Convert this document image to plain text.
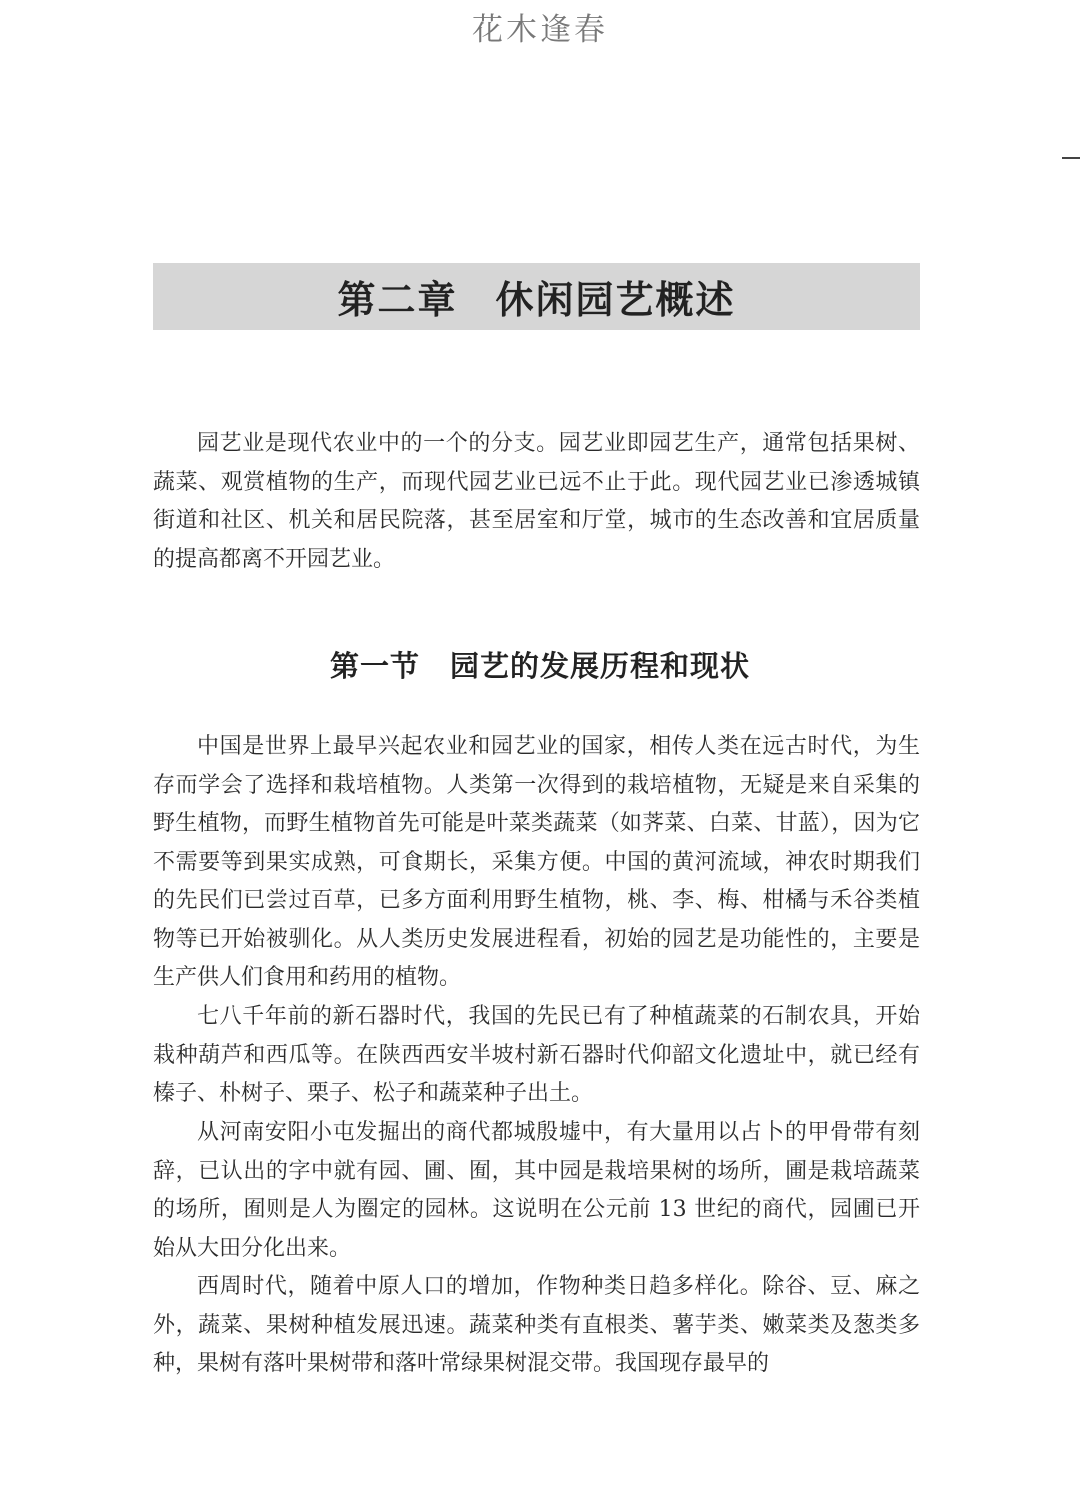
花木逢春
第二章 休闲园艺概述

园艺业是现代农业中的一个的分支。园艺业即园艺生产，通常包括果树、蔬菜、观赏植物的生产，而现代园艺业已远不止于此。现代园艺业已渗透城镇街道和社区、机关和居民院落，甚至居室和厅堂，城市的生态改善和宜居质量的提高都离不开园艺业。

第一节 园艺的发展历程和现状

中国是世界上最早兴起农业和园艺业的国家，相传人类在远古时代，为生存而学会了选择和栽培植物。人类第一次得到的栽培植物，无疑是来自采集的野生植物，而野生植物首先可能是叶菜类蔬菜（如荠菜、白菜、甘蓝），因为它不需要等到果实成熟，可食期长，采集方便。中国的黄河流域，神农时期我们的先民们已尝过百草，已多方面利用野生植物，桃、李、梅、柑橘与禾谷类植物等已开始被驯化。从人类历史发展进程看，初始的园艺是功能性的，主要是生产供人们食用和药用的植物。

七八千年前的新石器时代，我国的先民已有了种植蔬菜的石制农具，开始栽种葫芦和西瓜等。在陕西西安半坡村新石器时代仰韶文化遗址中，就已经有榛子、朴树子、栗子、松子和蔬菜种子出土。

从河南安阳小屯发掘出的商代都城殷墟中，有大量用以占卜的甲骨带有刻辞，已认出的字中就有园、圃、囿，其中园是栽培果树的场所，圃是栽培蔬菜的场所，囿则是人为圈定的园林。这说明在公元前 13 世纪的商代，园圃已开始从大田分化出来。

西周时代，随着中原人口的增加，作物种类日趋多样化。除谷、豆、麻之外，蔬菜、果树种植发展迅速。蔬菜种类有直根类、薯芋类、嫩菜类及葱类多种，果树有落叶果树带和落叶常绿果树混交带。我国现存最早的
